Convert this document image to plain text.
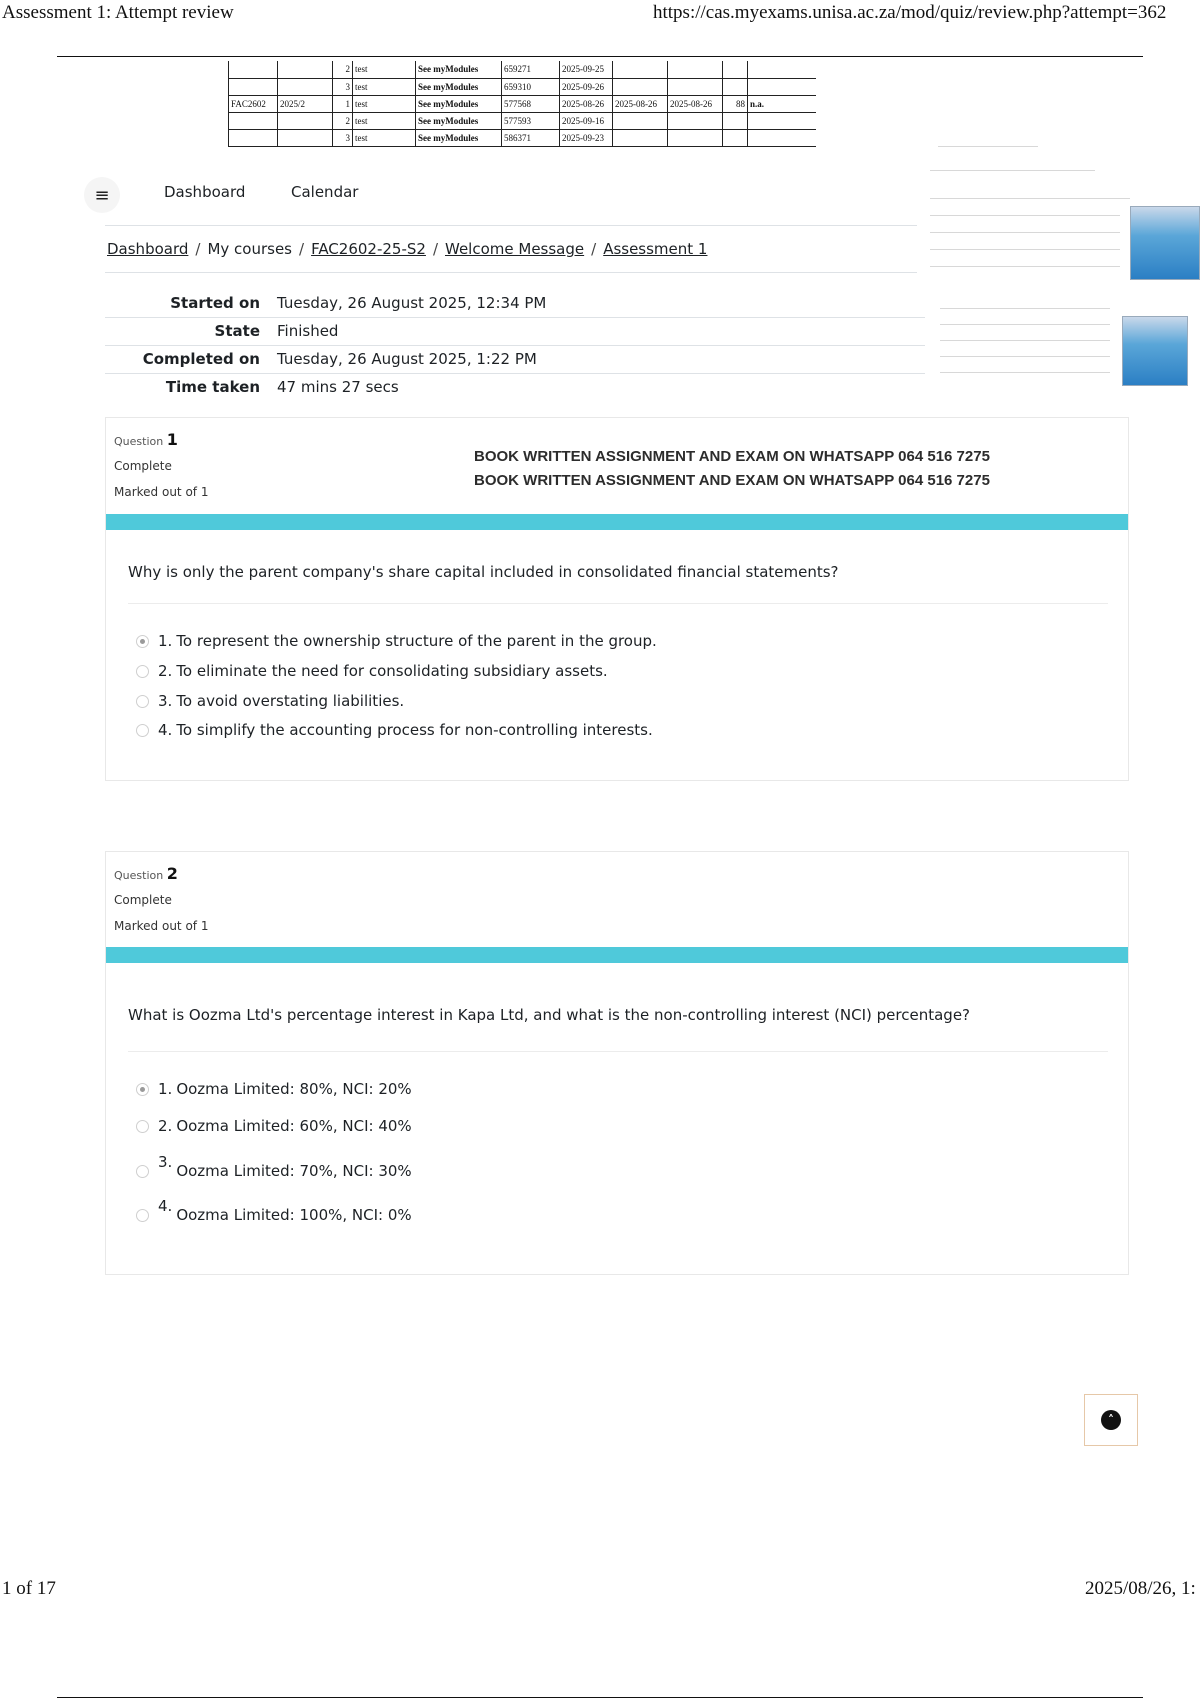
Assessment 1: Attempt review	https://cas.myexams.unisa.ac.za/mod/quiz/review.php?attempt=362
		2	test	See myModules	659271	2025-09-25				
		3	test	See myModules	659310	2025-09-26				
FAC2602	2025/2	1	test	See myModules	577568	2025-08-26	2025-08-26	2025-08-26	88	n.a.
		2	test	See myModules	577593	2025-09-16				
		3	test	See myModules	586371	2025-09-23				
≡	Dashboard	Calendar
Dashboard / My courses / FAC2602-25-S2 / Welcome Message / Assessment 1
Started on Tuesday, 26 August 2025, 12:34 PM
State Finished
Completed on Tuesday, 26 August 2025, 1:22 PM
Time taken 47 mins 27 secs
Question 1
Complete
Marked out of 1
BOOK WRITTEN ASSIGNMENT AND EXAM ON WHATSAPP 064 516 7275
BOOK WRITTEN ASSIGNMENT AND EXAM ON WHATSAPP 064 516 7275
Why is only the parent company's share capital included in consolidated financial statements?
1. To represent the ownership structure of the parent in the group.
2. To eliminate the need for consolidating subsidiary assets.
3. To avoid overstating liabilities.
4. To simplify the accounting process for non-controlling interests.
Question 2
Complete
Marked out of 1
What is Oozma Ltd's percentage interest in Kapa Ltd, and what is the non-controlling interest (NCI) percentage?
1. Oozma Limited: 80%, NCI: 20%
2. Oozma Limited: 60%, NCI: 40%
3. Oozma Limited: 70%, NCI: 30%
4. Oozma Limited: 100%, NCI: 0%
˄
1 of 17	2025/08/26, 1:
